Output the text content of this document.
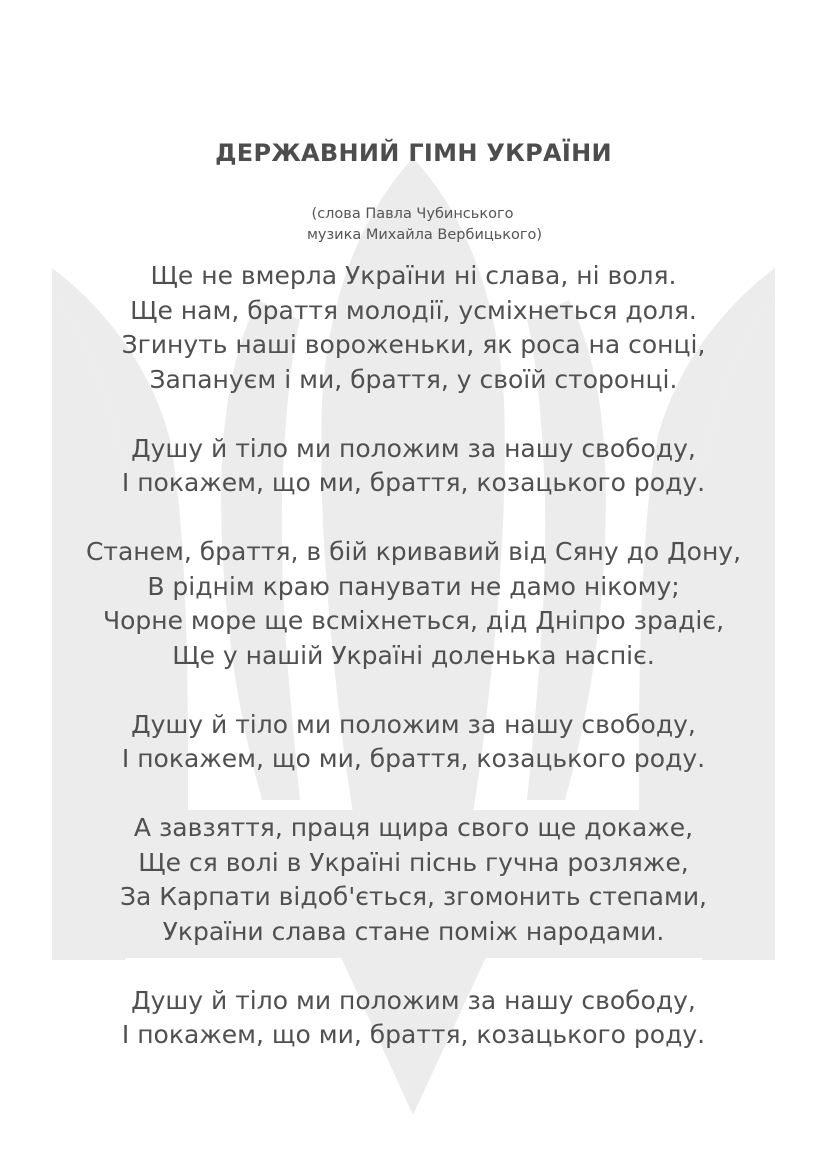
ДЕРЖАВНИЙ ГІМН УКРАЇНИ
(слова Павла Чубинського
музика Михайла Вербицького)
Ще не вмерла України ні слава, ні воля.
Ще нам, браття молодії, усміхнеться доля.
Згинуть наші вороженьки, як роса на сонці,
Запануєм і ми, браття, у своїй сторонці.
Душу й тіло ми положим за нашу свободу,
І покажем, що ми, браття, козацького роду.
Станем, браття, в бій кривавий від Сяну до Дону,
В рiднім краю панувати не дамо нікому;
Чорне море ще всміхнеться, дід Дніпро зрадіє,
Ще у нашій Україні доленька наспіє.
Душу й тіло ми положим за нашу свободу,
І покажем, що ми, браття, козацького роду.
А завзяття, праця щира свого ще докаже,
Ще ся волі в Україні піснь гучна розляже,
За Карпати відоб'ється, згомонить степами,
України слава стане поміж народами.
Душу й тіло ми положим за нашу свободу,
І покажем, що ми, браття, козацького роду.
